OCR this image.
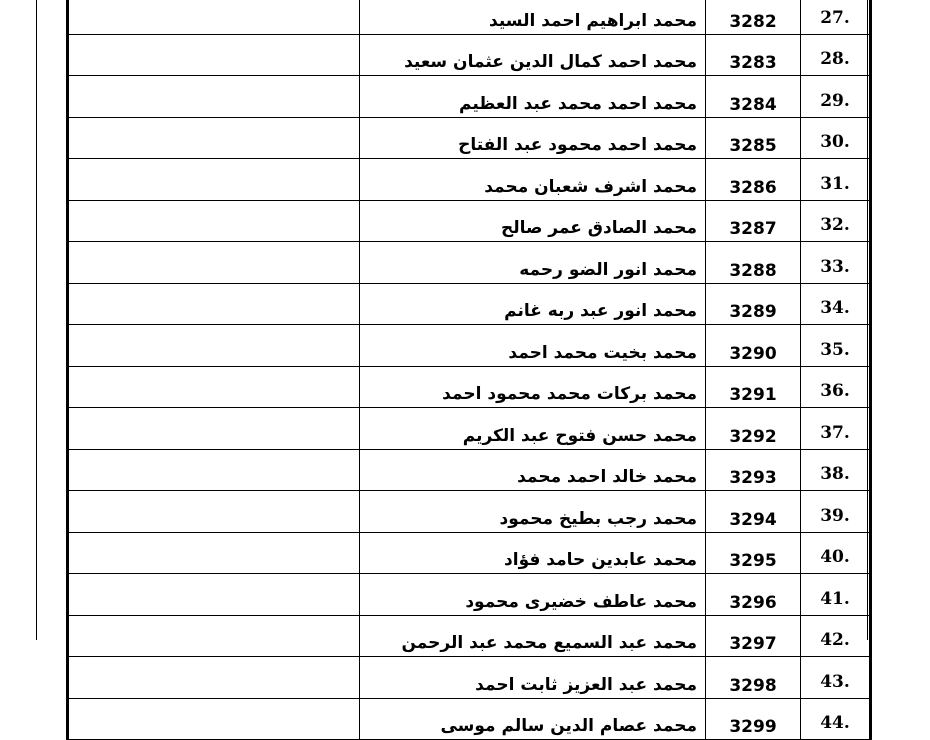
	محمد ابراهيم احمد السيد	3282	27.
	محمد احمد كمال الدين عثمان سعيد	3283	28.
	محمد احمد محمد عبد العظيم	3284	29.
	محمد احمد محمود عبد الفتاح	3285	30.
	محمد اشرف شعبان محمد	3286	31.
	محمد الصادق عمر صالح	3287	32.
	محمد انور الضو رحمه	3288	33.
	محمد انور عبد ربه غانم	3289	34.
	محمد بخيت محمد احمد	3290	35.
	محمد بركات محمد محمود احمد	3291	36.
	محمد حسن فتوح عبد الكريم	3292	37.
	محمد خالد احمد محمد	3293	38.
	محمد رجب بطيخ محمود	3294	39.
	محمد عابدين حامد فؤاد	3295	40.
	محمد عاطف خضيرى محمود	3296	41.
	محمد عبد السميع محمد عبد الرحمن	3297	42.
	محمد عبد العزيز ثابت احمد	3298	43.
	محمد عصام الدين سالم موسى	3299	44.
